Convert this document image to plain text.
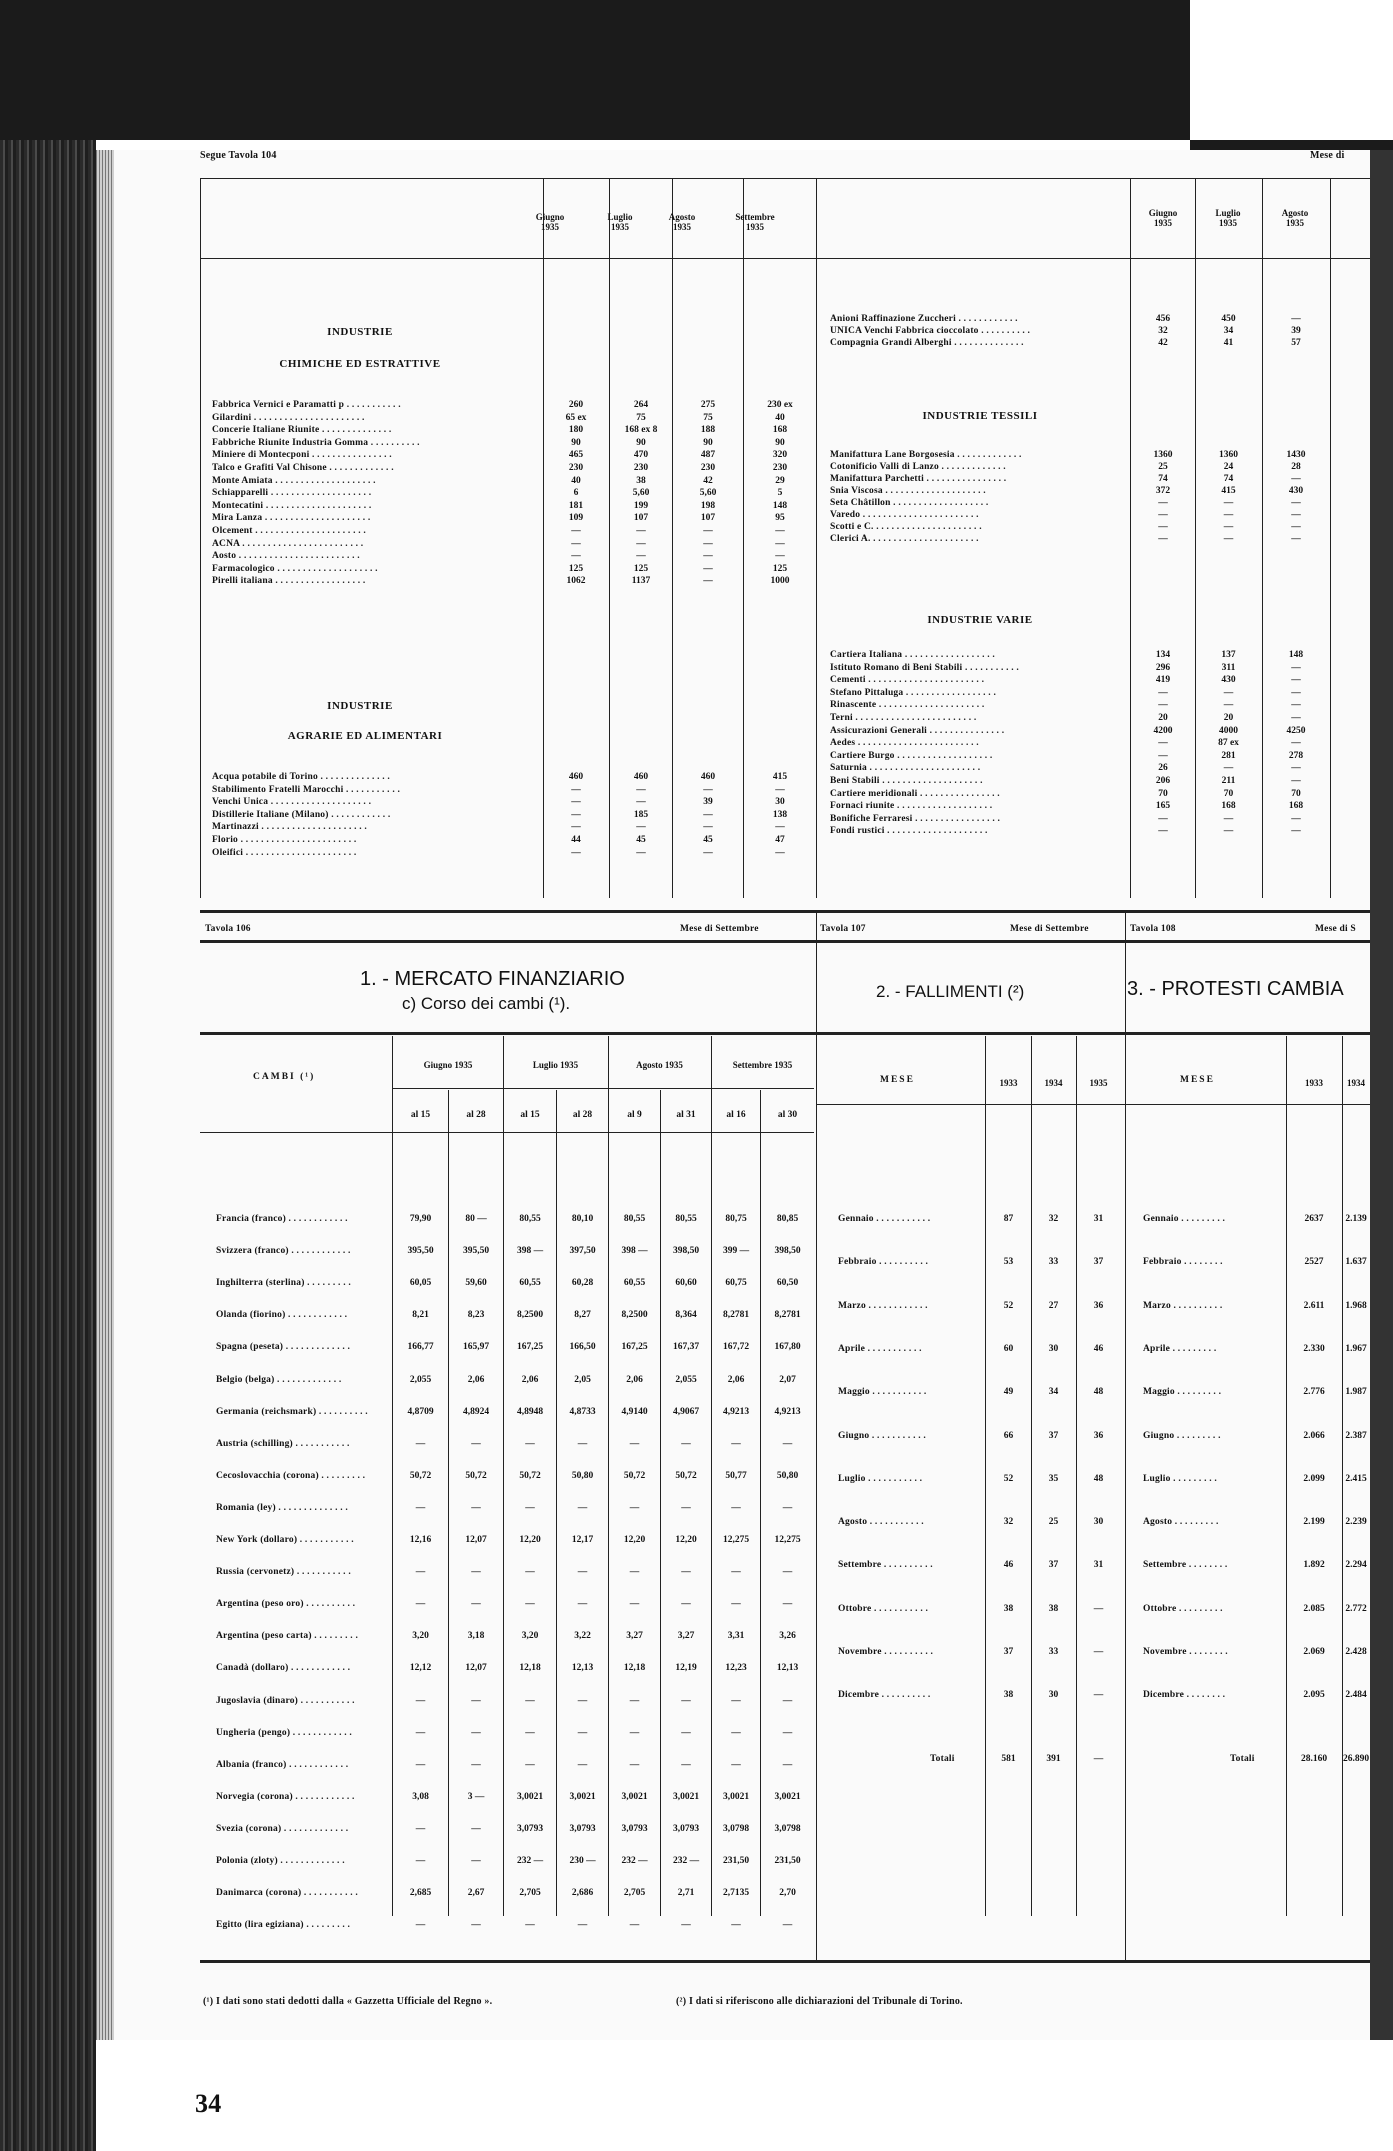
Segue Tavola 104	Mese di
34
Giugno
1935
Luglio
1935
Agosto
1935
Settembre
1935
INDUSTRIE
CHIMICHE ED ESTRATTIVE
Fabbrica Vernici e Paramatti p . . . . . . . . . . .	260	264	275	230 ex
Gilardini . . . . . . . . . . . . . . . . . . . . . .	65 ex	75	75	40
Concerie Italiane Riunite . . . . . . . . . . . . . .	180	168 ex 8	188	168
Fabbriche Riunite Industria Gomma . . . . . . . . . .	90	90	90	90
Miniere di Montecponi . . . . . . . . . . . . . . . .	465	470	487	320
Talco e Grafiti Val Chisone . . . . . . . . . . . . .	230	230	230	230
Monte Amiata . . . . . . . . . . . . . . . . . . . .	40	38	42	29
Schiapparelli . . . . . . . . . . . . . . . . . . . .	6	5,60	5,60	5
Montecatini . . . . . . . . . . . . . . . . . . . . .	181	199	198	148
Mira Lanza . . . . . . . . . . . . . . . . . . . . .	109	107	107	95
Olcement . . . . . . . . . . . . . . . . . . . . . .	—	—	—	—
ACNA . . . . . . . . . . . . . . . . . . . . . . . .	—	—	—	—
Aosto . . . . . . . . . . . . . . . . . . . . . . . .	—	—	—	—
Farmacologico . . . . . . . . . . . . . . . . . . . .	125	125	—	125
Pirelli italiana . . . . . . . . . . . . . . . . . .	1062	1137	—	1000
INDUSTRIE
AGRARIE ED ALIMENTARI
Acqua potabile di Torino . . . . . . . . . . . . . .	460	460	460	415
Stabilimento Fratelli Marocchi . . . . . . . . . . .	—	—	—	—
Venchi Unica . . . . . . . . . . . . . . . . . . . .	—	—	39	30
Distillerie Italiane (Milano) . . . . . . . . . . . .	—	185	—	138
Martinazzi . . . . . . . . . . . . . . . . . . . . .	—	—	—	—
Florio . . . . . . . . . . . . . . . . . . . . . . .	44	45	45	47
Oleifici . . . . . . . . . . . . . . . . . . . . . .	—	—	—	—
Giugno
1935
Luglio
1935
Agosto
1935
Anioni Raffinazione Zuccheri . . . . . . . . . . . .	456	450	—
UNICA Venchi Fabbrica cioccolato . . . . . . . . . .	32	34	39
Compagnia Grandi Alberghi . . . . . . . . . . . . . .	42	41	57
INDUSTRIE TESSILI
Manifattura Lane Borgosesia . . . . . . . . . . . . .	1360	1360	1430
Cotonificio Valli di Lanzo . . . . . . . . . . . . .	25	24	28
Manifattura Parchetti . . . . . . . . . . . . . . . .	74	74	—
Snia Viscosa . . . . . . . . . . . . . . . . . . . .	372	415	430
Seta Châtillon . . . . . . . . . . . . . . . . . . .	—	—	—
Varedo . . . . . . . . . . . . . . . . . . . . . . .	—	—	—
Scotti e C. . . . . . . . . . . . . . . . . . . . . .	—	—	—
Clerici A. . . . . . . . . . . . . . . . . . . . . .	—	—	—
INDUSTRIE VARIE
Cartiera Italiana . . . . . . . . . . . . . . . . . .	134	137	148
Istituto Romano di Beni Stabili . . . . . . . . . . .	296	311	—
Cementi . . . . . . . . . . . . . . . . . . . . . . .	419	430	—
Stefano Pittaluga . . . . . . . . . . . . . . . . . .	—	—	—
Rinascente . . . . . . . . . . . . . . . . . . . . .	—	—	—
Terni . . . . . . . . . . . . . . . . . . . . . . . .	20	20	—
Assicurazioni Generali . . . . . . . . . . . . . . .	4200	4000	4250
Aedes . . . . . . . . . . . . . . . . . . . . . . . .	—	87 ex	—
Cartiere Burgo . . . . . . . . . . . . . . . . . . .	—	281	278
Saturnia . . . . . . . . . . . . . . . . . . . . . .	26	—	—
Beni Stabili . . . . . . . . . . . . . . . . . . . .	206	211	—
Cartiere meridionali . . . . . . . . . . . . . . . .	70	70	70
Fornaci riunite . . . . . . . . . . . . . . . . . . .	165	168	168
Bonifiche Ferraresi . . . . . . . . . . . . . . . . .	—	—	—
Fondi rustici . . . . . . . . . . . . . . . . . . . .	—	—	—
Tavola 106	Mese di Settembre	Tavola 107	Mese di Settembre	Tavola 108	Mese di S
1. - MERCATO FINANZIARIO
c) Corso dei cambi (¹).
2. - FALLIMENTI (²)	3. - PROTESTI CAMBIA
CAMBI (¹)
Giugno 1935	Luglio 1935	Agosto 1935	Settembre 1935
al 15	al 28	al 15	al 28	al 9	al 31	al 16	al 30
Francia (franco) . . . . . . . . . . . .	79,90	80 —	80,55	80,10	80,55	80,55	80,75	80,85
Svizzera (franco) . . . . . . . . . . . .	395,50	395,50	398 —	397,50	398 —	398,50	399 —	398,50
Inghilterra (sterlina) . . . . . . . . .	60,05	59,60	60,55	60,28	60,55	60,60	60,75	60,50
Olanda (fiorino) . . . . . . . . . . . .	8,21	8,23	8,2500	8,27	8,2500	8,364	8,2781	8,2781
Spagna (peseta) . . . . . . . . . . . . .	166,77	165,97	167,25	166,50	167,25	167,37	167,72	167,80
Belgio (belga) . . . . . . . . . . . . .	2,055	2,06	2,06	2,05	2,06	2,055	2,06	2,07
Germania (reichsmark) . . . . . . . . . .	4,8709	4,8924	4,8948	4,8733	4,9140	4,9067	4,9213	4,9213
Austria (schilling) . . . . . . . . . . .	—	—	—	—	—	—	—	—
Cecoslovacchia (corona) . . . . . . . . .	50,72	50,72	50,72	50,80	50,72	50,72	50,77	50,80
Romania (ley) . . . . . . . . . . . . . .	—	—	—	—	—	—	—	—
New York (dollaro) . . . . . . . . . . .	12,16	12,07	12,20	12,17	12,20	12,20	12,275	12,275
Russia (cervonetz) . . . . . . . . . . .	—	—	—	—	—	—	—	—
Argentina (peso oro) . . . . . . . . . .	—	—	—	—	—	—	—	—
Argentina (peso carta) . . . . . . . . .	3,20	3,18	3,20	3,22	3,27	3,27	3,31	3,26
Canadà (dollaro) . . . . . . . . . . . .	12,12	12,07	12,18	12,13	12,18	12,19	12,23	12,13
Jugoslavia (dinaro) . . . . . . . . . . .	—	—	—	—	—	—	—	—
Ungheria (pengo) . . . . . . . . . . . .	—	—	—	—	—	—	—	—
Albania (franco) . . . . . . . . . . . .	—	—	—	—	—	—	—	—
Norvegia (corona) . . . . . . . . . . . .	3,08	3 —	3,0021	3,0021	3,0021	3,0021	3,0021	3,0021
Svezia (corona) . . . . . . . . . . . . .	—	—	3,0793	3,0793	3,0793	3,0793	3,0798	3,0798
Polonia (zloty) . . . . . . . . . . . . .	—	—	232 —	230 —	232 —	232 —	231,50	231,50
Danimarca (corona) . . . . . . . . . . .	2,685	2,67	2,705	2,686	2,705	2,71	2,7135	2,70
Egitto (lira egiziana) . . . . . . . . .	—	—	—	—	—	—	—	—
MESE	1933	1934	1935
Gennaio . . . . . . . . . . .	87	32	31
Febbraio . . . . . . . . . .	53	33	37
Marzo . . . . . . . . . . . .	52	27	36
Aprile . . . . . . . . . . .	60	30	46
Maggio . . . . . . . . . . .	49	34	48
Giugno . . . . . . . . . . .	66	37	36
Luglio . . . . . . . . . . .	52	35	48
Agosto . . . . . . . . . . .	32	25	30
Settembre . . . . . . . . . .	46	37	31
Ottobre . . . . . . . . . . .	38	38	—
Novembre . . . . . . . . . .	37	33	—
Dicembre . . . . . . . . . .	38	30	—
Totali	581	391	—
MESE	1933	1934
Gennaio . . . . . . . . .	2637	2.139
Febbraio . . . . . . . .	2527	1.637
Marzo . . . . . . . . . .	2.611	1.968
Aprile . . . . . . . . .	2.330	1.967
Maggio . . . . . . . . .	2.776	1.987
Giugno . . . . . . . . .	2.066	2.387
Luglio . . . . . . . . .	2.099	2.415
Agosto . . . . . . . . .	2.199	2.239
Settembre . . . . . . . .	1.892	2.294
Ottobre . . . . . . . . .	2.085	2.772
Novembre . . . . . . . .	2.069	2.428
Dicembre . . . . . . . .	2.095	2.484
Totali	28.160	26.890
(¹) I dati sono stati dedotti dalla « Gazzetta Ufficiale del Regno ».	(²) I dati si riferiscono alle dichiarazioni del Tribunale di Torino.
